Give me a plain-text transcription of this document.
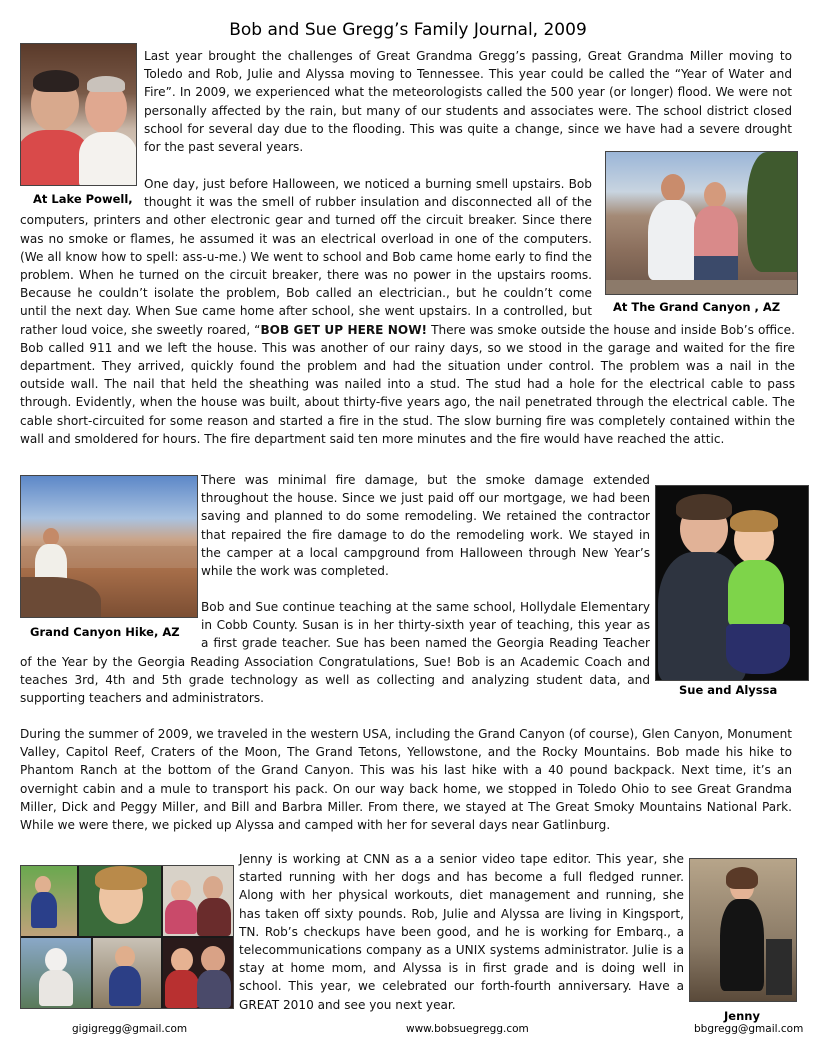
Bob and Sue Gregg’s Family Journal, 2009
At Lake Powell,

Last year brought the challenges of Great Grandma Gregg’s passing, Great Grandma Miller moving to Toledo and Rob, Julie and Alyssa moving to Tennessee. This year could be called the “Year of Water and Fire”. In 2009, we experienced what the meteorologists called the 500 year (or longer) flood. We were not personally affected by the rain, but many of our students and associates were. The school district closed school for several day due to the flooding. This was quite a change, since we have had a severe drought for the past several years.

At The Grand Canyon , AZ

One day, just before Halloween, we noticed a burning smell upstairs. Bob thought it was the smell of rubber insulation and disconnected all of the computers, printers and other electronic gear and turned off the circuit breaker. Since there was no smoke or flames, he assumed it was an electrical overload in one of the computers. (We all know how to spell: ass-u-me.) We went to school and Bob came home early to find the problem. When he turned on the circuit breaker, there was no power in the upstairs rooms. Because he couldn’t isolate the problem, Bob called an electrician., but he couldn’t come until the next day. When Sue came home after school, she went upstairs. In a controlled, but rather loud voice, she sweetly roared, “BOB GET UP HERE NOW! There was smoke outside the house and inside Bob’s office. Bob called 911 and we left the house. This was another of our rainy days, so we stood in the garage and waited for the fire department. They arrived, quickly found the problem and had the situation under control. The problem was a nail in the outside wall. The nail that held the sheathing was nailed into a stud. The stud had a hole for the electrical cable to pass through. Evidently, when the house was built, about thirty-five years ago, the nail penetrated through the electrical cable. The cable short-circuited for some reason and started a fire in the stud. The slow burning fire was completely contained within the wall and smoldered for hours. The fire department said ten more minutes and the fire would have reached the attic.

Grand Canyon Hike, AZ
Sue and Alyssa

There was minimal fire damage, but the smoke damage extended throughout the house. Since we just paid off our mortgage, we had been saving and planned to do some remodeling. We retained the contractor that repaired the fire damage to do the remodeling work. We stayed in the camper at a local campground from Halloween through New Year’s while the work was completed.

Bob and Sue continue teaching at the same school, Hollydale Elementary in Cobb County. Susan is in her thirty-sixth year of teaching, this year as a first grade teacher. Sue has been named the Georgia Reading Teacher of the Year by the Georgia Reading Association Congratulations, Sue! Bob is an Academic Coach and teaches 3rd, 4th and 5th grade technology as well as collecting and analyzing student data, and supporting teachers and administrators.

During the summer of 2009, we traveled in the western USA, including the Grand Canyon (of course), Glen Canyon, Monument Valley, Capitol Reef, Craters of the Moon, The Grand Tetons, Yellowstone, and the Rocky Mountains. Bob made his hike to Phantom Ranch at the bottom of the Grand Canyon. This was his last hike with a 40 pound backpack. Next time, it’s an overnight cabin and a mule to transport his pack. On our way back home, we stopped in Toledo Ohio to see Great Grandma Miller, Dick and Peggy Miller, and Bill and Barbra Miller. From there, we stayed at The Great Smoky Mountains National Park. While we were there, we picked up Alyssa and camped with her for several days near Gatlinburg.

Jenny is working at CNN as a a senior video tape editor. This year, she started running with her dogs and has become a full fledged runner. Along with her physical workouts, diet management and running, she has taken off sixty pounds. Rob, Julie and Alyssa are living in Kingsport, TN. Rob’s checkups have been good, and he is working for Embarq., a telecommunications company as a UNIX systems administrator. Julie is a stay at home mom, and Alyssa is in first grade and is doing well in school. This year, we celebrated our forth-fourth anniversary. Have a GREAT 2010 and see you next year.

Jenny
gigigregg@gmail.com	www.bobsuegregg.com	bbgregg@gmail.com
